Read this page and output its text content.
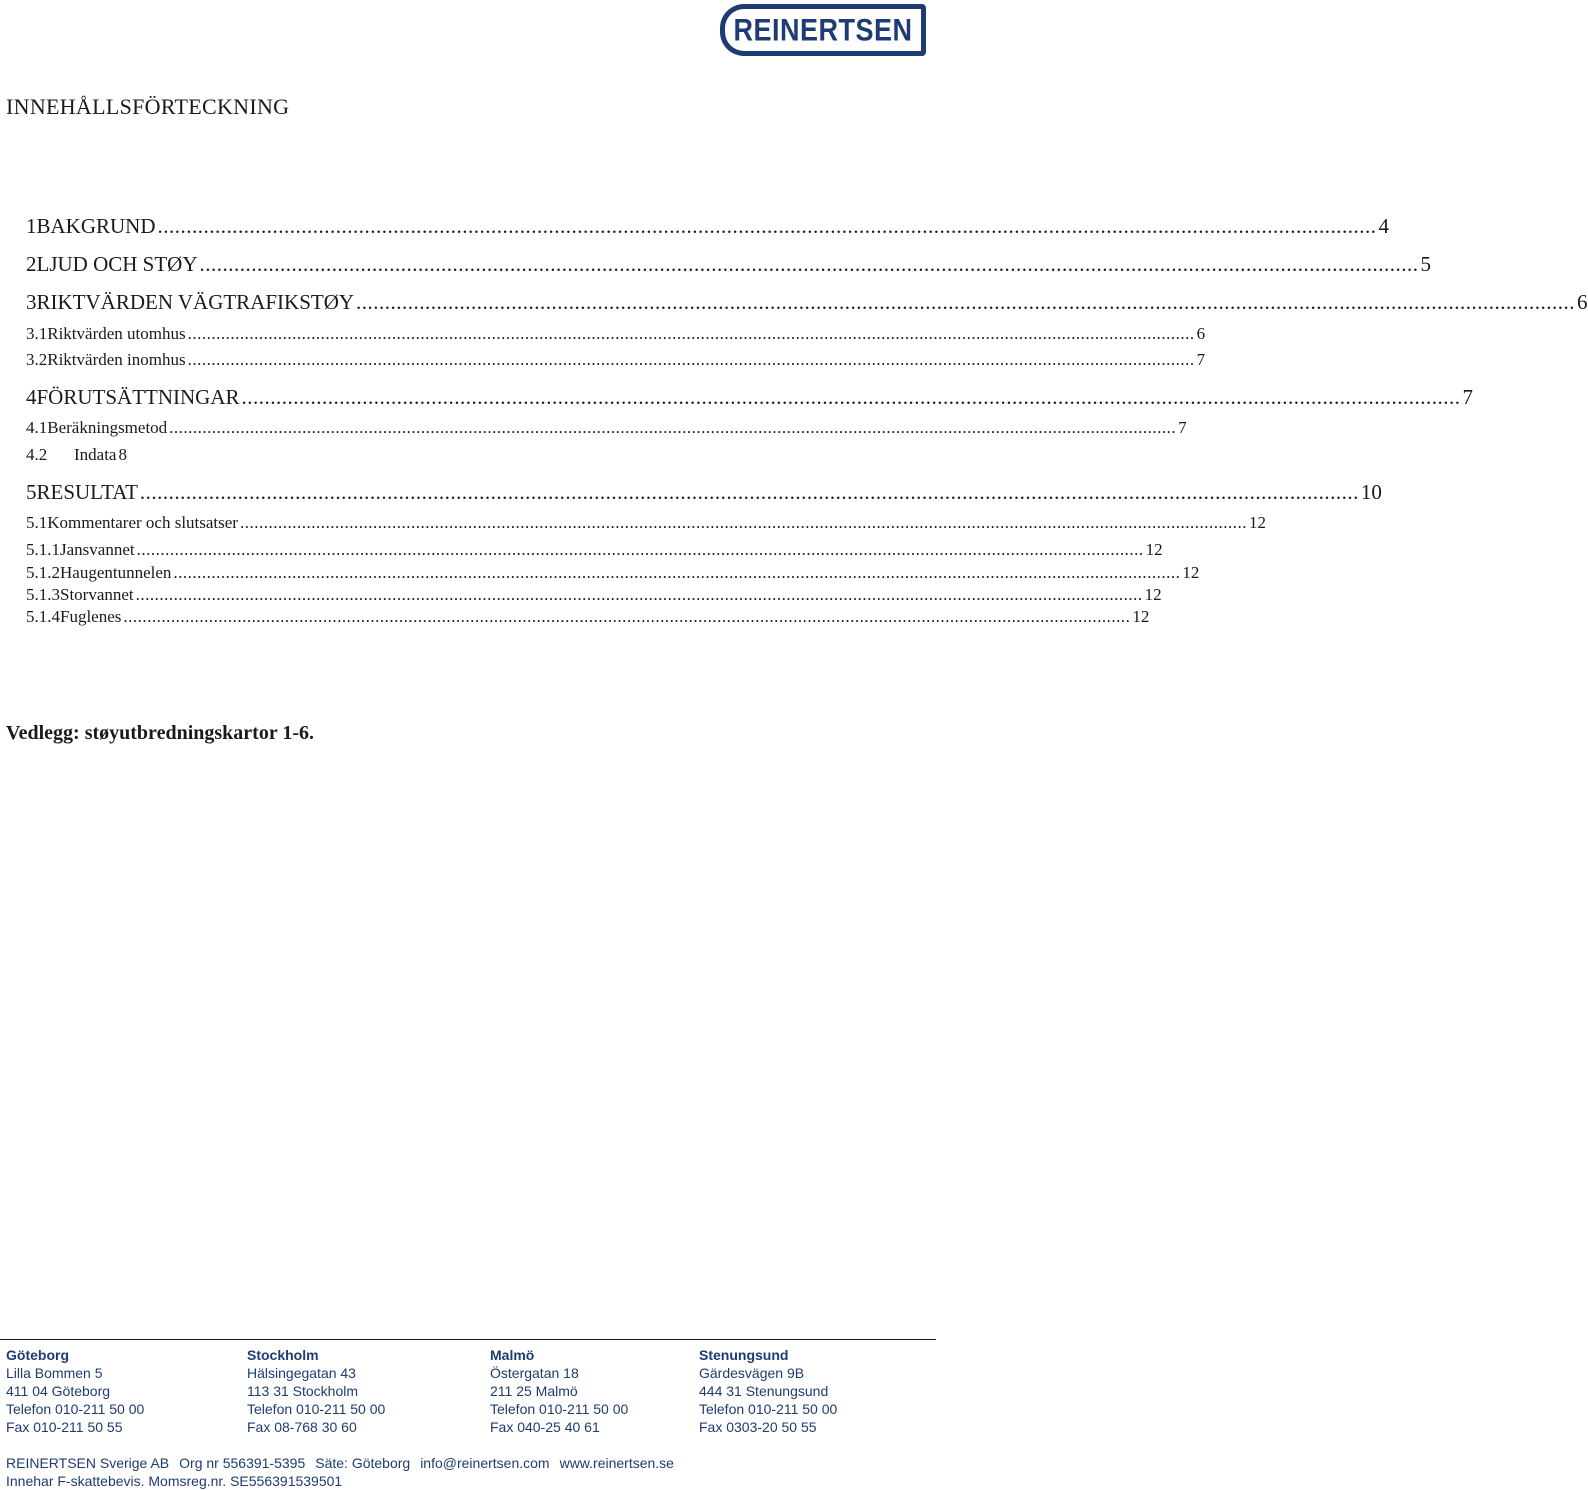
REINERTSEN
INNEHÅLLSFÖRTECKNING
1 BAKGRUND .................................................................................................................................................................................................................... 4
2 LJUD OCH STØY .................................................................................................................................................................................................................... 5
3 RIKTVÄRDEN VÄGTRAFIKSTØY .................................................................................................................................................................................................................... 6
3.1 Riktvärden utomhus .................................................................................................................................................................................................................... 6
3.2 Riktvärden inomhus .................................................................................................................................................................................................................... 7
4 FÖRUTSÄTTNINGAR .................................................................................................................................................................................................................... 7
4.1 Beräkningsmetod .................................................................................................................................................................................................................... 7
4.2	Indata 8
5 RESULTAT .................................................................................................................................................................................................................... 10
5.1 Kommentarer och slutsatser .................................................................................................................................................................................................................... 12
5.1.1 Jansvannet .................................................................................................................................................................................................................... 12
5.1.2 Haugentunnelen .................................................................................................................................................................................................................... 12
5.1.3 Storvannet .................................................................................................................................................................................................................... 12
5.1.4 Fuglenes .................................................................................................................................................................................................................... 12
Vedlegg: støyutbredningskartor 1-6.
Göteborg
Lilla Bommen 5
411 04 Göteborg
Telefon 010-211 50 00
Fax 010-211 50 55
Stockholm
Hälsingegatan 43
113 31 Stockholm
Telefon 010-211 50 00
Fax 08-768 30 60
Malmö
Östergatan 18
211 25 Malmö
Telefon 010-211 50 00
Fax 040-25 40 61
Stenungsund
Gärdesvägen 9B
444 31 Stenungsund
Telefon 010-211 50 00
Fax 0303-20 50 55
REINERTSEN Sverige AB Org nr 556391-5395 Säte: Göteborg info@reinertsen.com www.reinertsen.se
Innehar F-skattebevis. Momsreg.nr. SE556391539501
